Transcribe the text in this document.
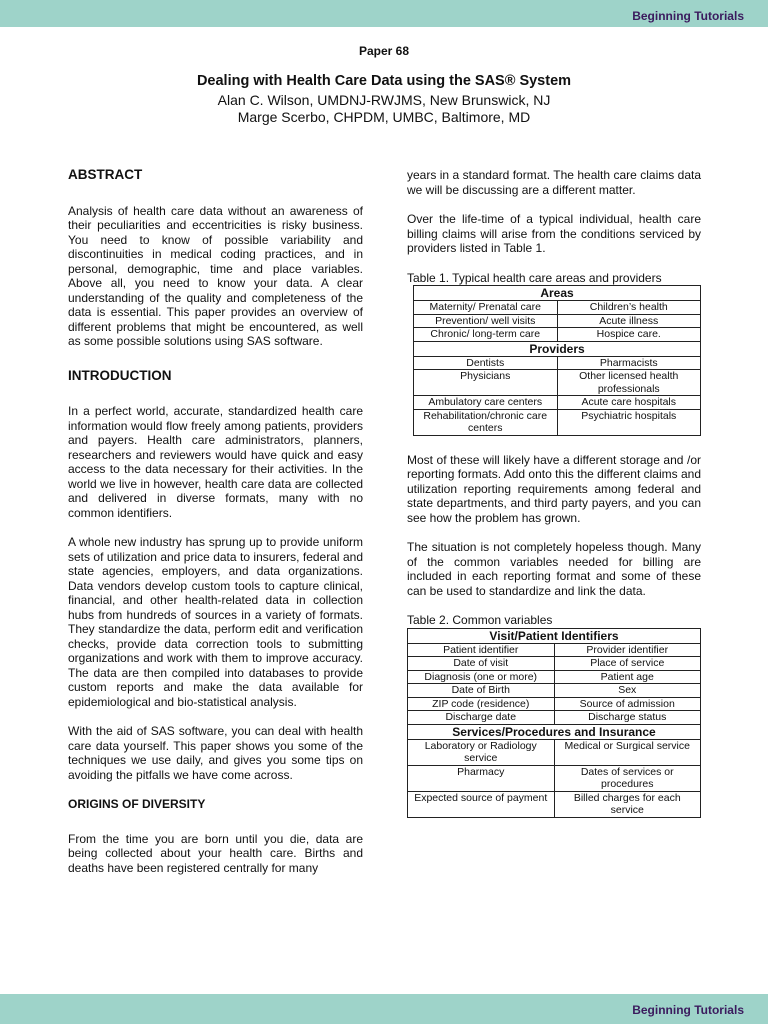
Beginning Tutorials
Paper 68
Dealing with Health Care Data using the SAS® System
Alan C. Wilson, UMDNJ-RWJMS, New Brunswick, NJ
Marge Scerbo, CHPDM, UMBC, Baltimore, MD
ABSTRACT

Analysis of health care data without an awareness of their peculiarities and eccentricities is risky business. You need to know of possible variability and discontinuities in medical coding practices, and in personal, demographic, time and place variables. Above all, you need to know your data. A clear understanding of the quality and completeness of the data is essential. This paper provides an overview of different problems that might be encountered, as well as some possible solutions using SAS software.

INTRODUCTION

In a perfect world, accurate, standardized health care information would flow freely among patients, providers and payers. Health care administrators, planners, researchers and reviewers would have quick and easy access to the data necessary for their activities. In the world we live in however, health care data are collected and delivered in diverse formats, many with no common identifiers.

A whole new industry has sprung up to provide uniform sets of utilization and price data to insurers, federal and state agencies, employers, and data organizations. Data vendors develop custom tools to capture clinical, financial, and other health-related data in collection hubs from hundreds of sources in a variety of formats. They standardize the data, perform edit and verification checks, provide data correction tools to submitting organizations and work with them to improve accuracy. The data are then compiled into databases to provide custom reports and make the data available for epidemiological and bio-statistical analysis.

With the aid of SAS software, you can deal with health care data yourself. This paper shows you some of the techniques we use daily, and gives you some tips on avoiding the pitfalls we have come across.

ORIGINS OF DIVERSITY

From the time you are born until you die, data are being collected about your health care. Births and deaths have been registered centrally for many

years in a standard format. The health care claims data we will be discussing are a different matter.

Over the life-time of a typical individual, health care billing claims will arise from the conditions serviced by providers listed in Table 1.

Table 1. Typical health care areas and providers
Areas	
Maternity/ Prenatal care	Children’s health
Prevention/ well visits	Acute illness
Chronic/ long-term care	Hospice care.
Providers	
Dentists	Pharmacists
Physicians	Other licensed health professionals
Ambulatory care centers	Acute care hospitals
Rehabilitation/chronic care centers	Psychiatric hospitals

Most of these will likely have a different storage and /or reporting formats. Add onto this the different claims and utilization reporting requirements among federal and state departments, and third party payers, and you can see how the problem has grown.

The situation is not completely hopeless though. Many of the common variables needed for billing are included in each reporting format and some of these can be used to standardize and link the data.

Table 2. Common variables
Visit/Patient Identifiers	
Patient identifier	Provider identifier
Date of visit	Place of service
Diagnosis (one or more)	Patient age
Date of Birth	Sex
ZIP code (residence)	Source of admission
Discharge date	Discharge status
Services/Procedures and Insurance	
Laboratory or Radiology service	Medical or Surgical service
Pharmacy	Dates of services or procedures
Expected source of payment	Billed charges for each service
Beginning Tutorials
